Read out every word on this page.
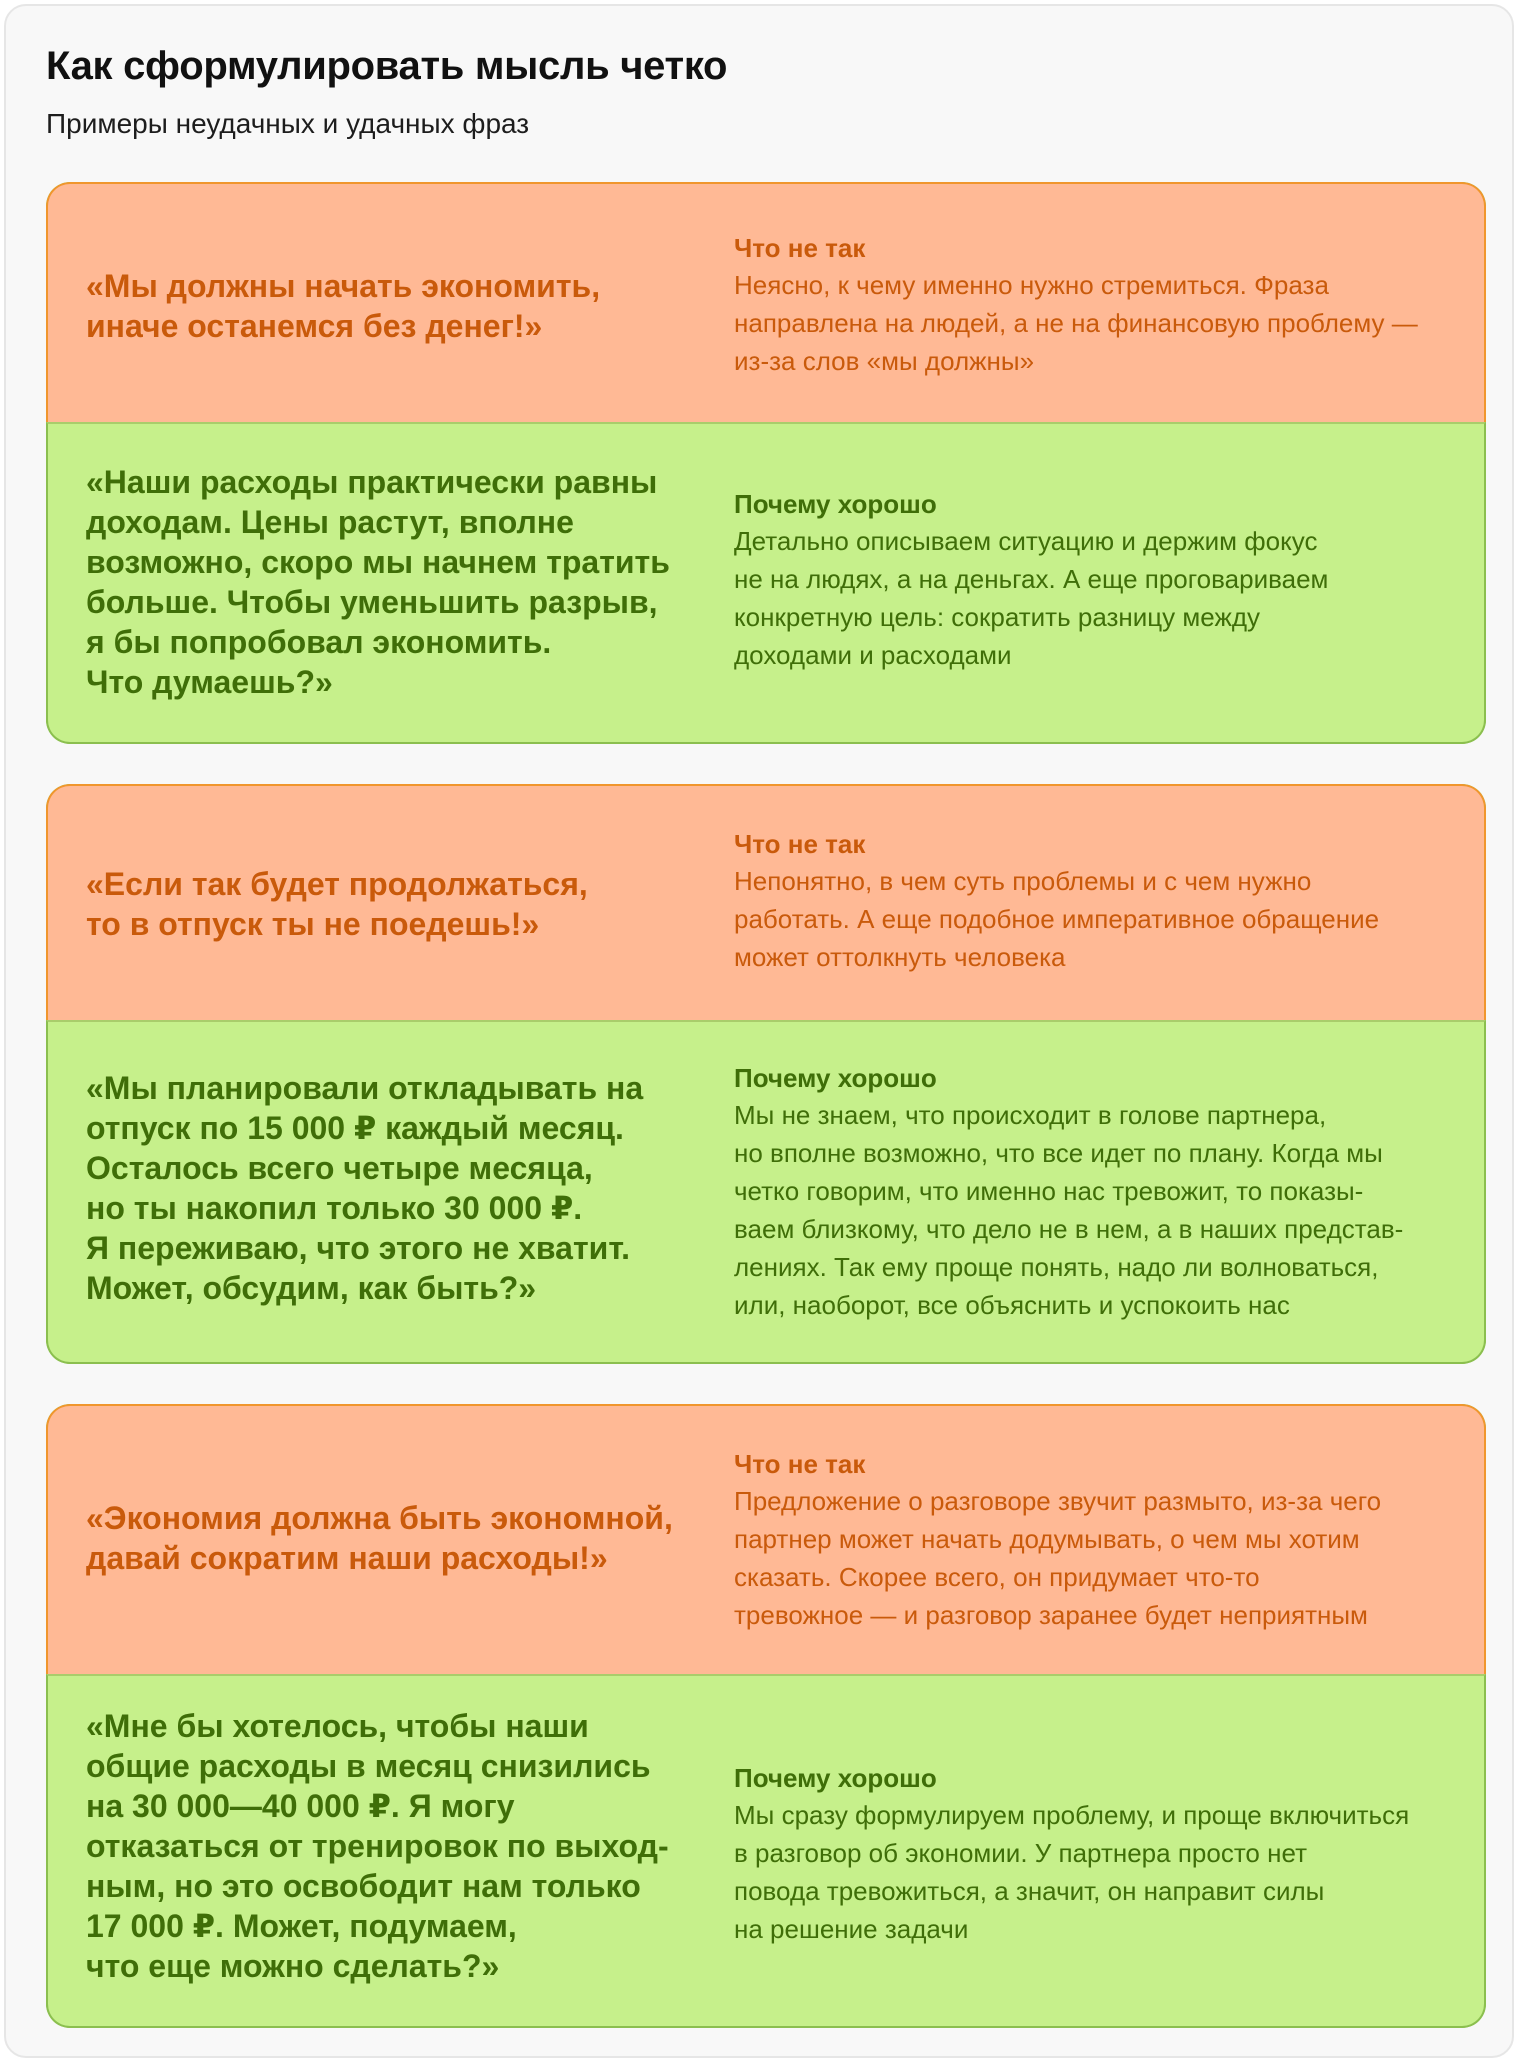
Как сформулировать мысль четко
Примеры неудачных и удачных фраз
«Мы должны начать экономить,
иначе останемся без денег!»
Что не так
Неясно, к чему именно нужно стремиться. Фраза
направлена на людей, а не на финансовую проблему —
из-за слов «мы должны»
«Наши расходы практически равны
доходам. Цены растут, вполне
возможно, скоро мы начнем тратить
больше. Чтобы уменьшить разрыв,
я бы попробовал экономить.
Что думаешь?»
Почему хорошо
Детально описываем ситуацию и держим фокус
не на людях, а на деньгах. А еще проговариваем
конкретную цель: сократить разницу между
доходами и расходами
«Если так будет продолжаться,
то в отпуск ты не поедешь!»
Что не так
Непонятно, в чем суть проблемы и с чем нужно
работать. А еще подобное императивное обращение
может оттолкнуть человека
«Мы планировали откладывать на
отпуск по 15 000 ₽ каждый месяц.
Осталось всего четыре месяца,
но ты накопил только 30 000 ₽.
Я переживаю, что этого не хватит.
Может, обсудим, как быть?»
Почему хорошо
Мы не знаем, что происходит в голове партнера,
но вполне возможно, что все идет по плану. Когда мы
четко говорим, что именно нас тревожит, то показы-
ваем близкому, что дело не в нем, а в наших представ-
лениях. Так ему проще понять, надо ли волноваться,
или, наоборот, все объяснить и успокоить нас
«Экономия должна быть экономной,
давай сократим наши расходы!»
Что не так
Предложение о разговоре звучит размыто, из-за чего
партнер может начать додумывать, о чем мы хотим
сказать. Скорее всего, он придумает что-то
тревожное — и разговор заранее будет неприятным
«Мне бы хотелось, чтобы наши
общие расходы в месяц снизились
на 30 000—40 000 ₽. Я могу
отказаться от тренировок по выход-
ным, но это освободит нам только
17 000 ₽. Может, подумаем,
что еще можно сделать?»
Почему хорошо
Мы сразу формулируем проблему, и проще включиться
в разговор об экономии. У партнера просто нет
повода тревожиться, а значит, он направит силы
на решение задачи
